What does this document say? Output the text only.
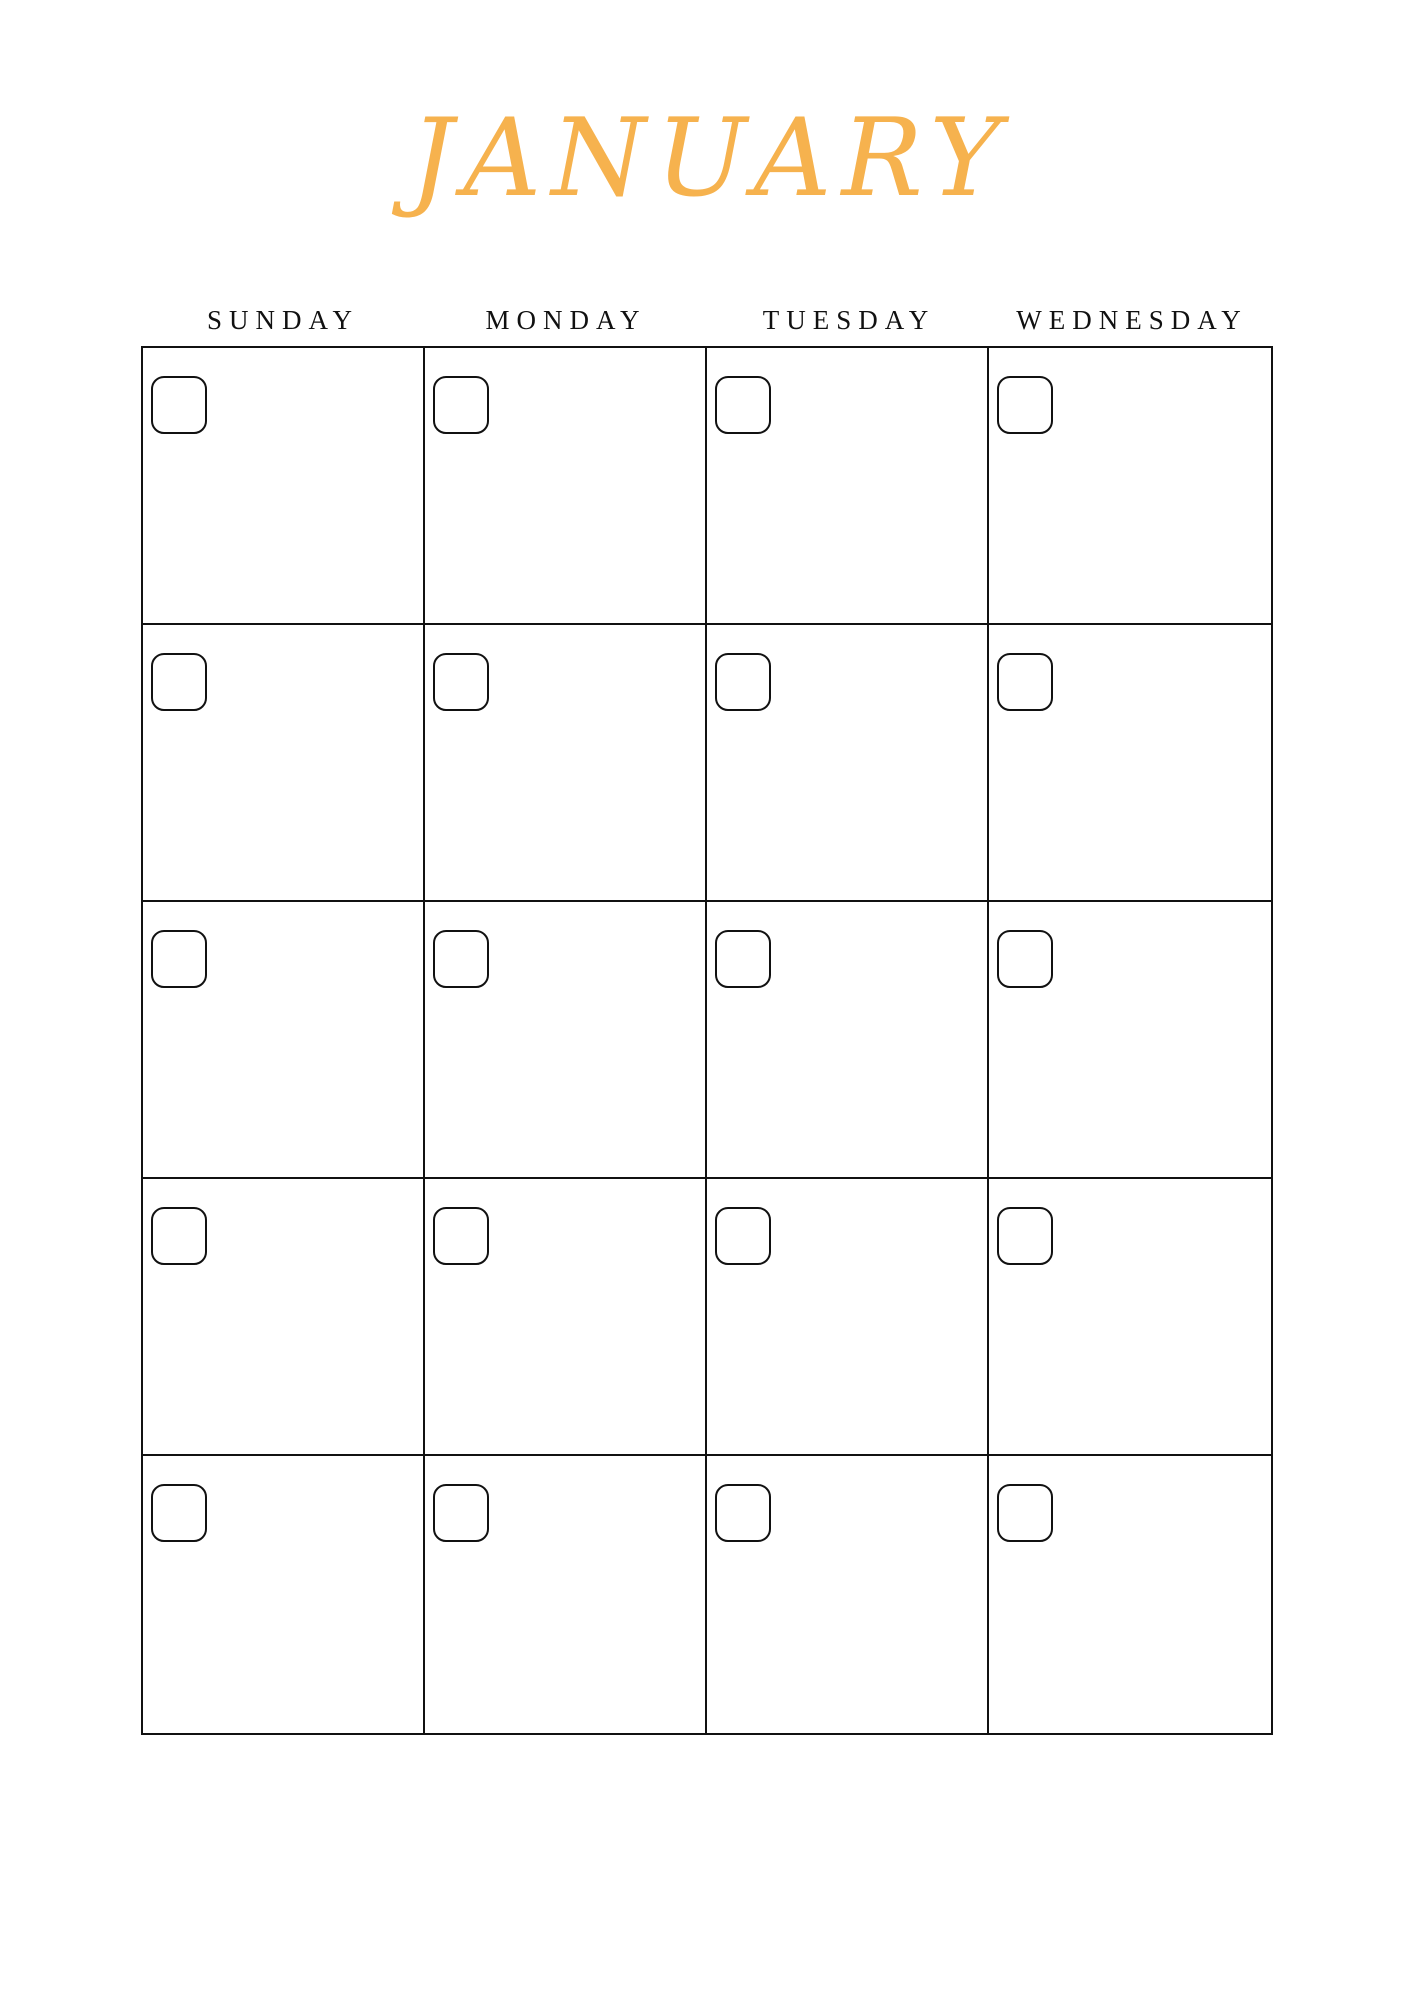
JANUARY
SUNDAY	MONDAY	TUESDAY	WEDNESDAY
